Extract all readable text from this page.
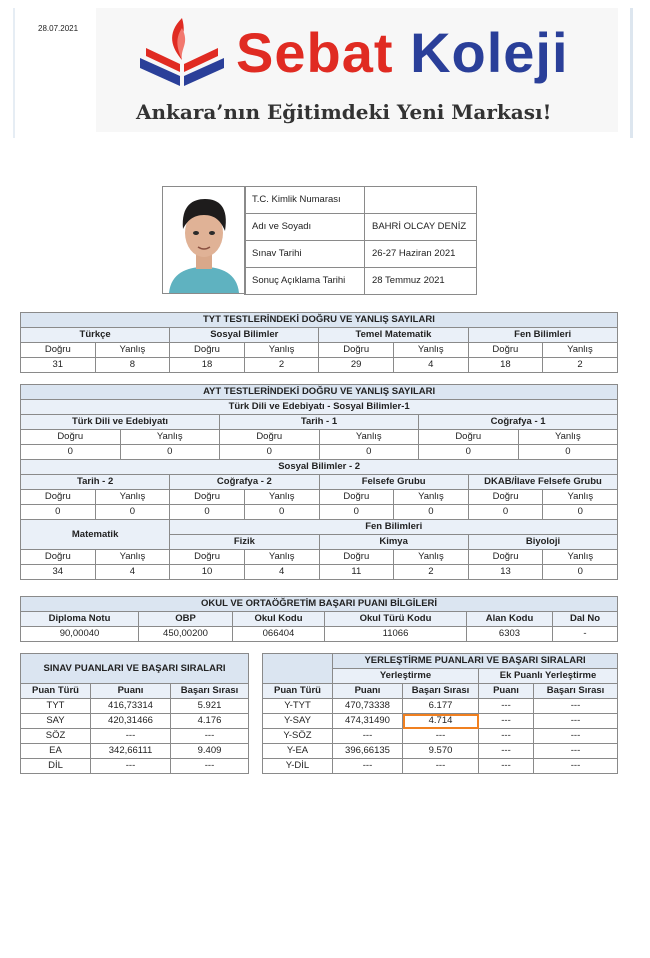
28.07.2021	Sebat Koleji
Ankara’nın Eğitimdeki Yeni Markası!
T.C. Kimlik Numarası	
Adı ve Soyadı	BAHRİ OLCAY DENİZ
Sınav Tarihi	26-27 Haziran 2021
Sonuç Açıklama Tarihi	28 Temmuz 2021
TYT TESTLERİNDEKİ DOĞRU VE YANLIŞ SAYILARI							
Türkçe		Sosyal Bilimler		Temel Matematik		Fen Bilimleri	
Doğru	Yanlış	Doğru	Yanlış	Doğru	Yanlış	Doğru	Yanlış
31	8	18	2	29	4	18	2
AYT TESTLERİNDEKİ DOĞRU VE YANLIŞ SAYILARI											
Türk Dili ve Edebiyatı - Sosyal Bilimler-1											
Türk Dili ve Edebiyatı				Tarih - 1				Coğrafya - 1			
Doğru		Yanlış		Doğru		Yanlış		Doğru		Yanlış	
0		0		0		0		0		0	
Sosyal Bilimler - 2											
Tarih - 2			Coğrafya - 2			Felsefe Grubu			DKAB/İlave Felsefe Grubu		
Doğru	Yanlış		Doğru		Yanlış	Doğru	Yanlış		Doğru		Yanlış
0	0		0		0	0	0		0		0
Matematik			Fen Bilimleri								
			Fizik			Kimya			Biyoloji		
Doğru	Yanlış		Doğru		Yanlış	Doğru	Yanlış		Doğru		Yanlış
34	4		10		4	11	2		13		0
OKUL VE ORTAÖĞRETİM BAŞARI PUANI BİLGİLERİ					
Diploma Notu	OBP	Okul Kodu	Okul Türü Kodu	Alan Kodu	Dal No
90,00040	450,00200	066404	11066	6303	-
SINAV PUANLARI VE BAŞARI SIRALARI		
Puan Türü	Puanı	Başarı Sırası
TYT	416,73314	5.921
SAY	420,31466	4.176
SÖZ	---	---
EA	342,66111	9.409
DİL	---	---
	YERLEŞTİRME PUANLARI VE BAŞARI SIRALARI			
	Yerleştirme		Ek Puanlı Yerleştirme	
Puan Türü	Puanı	Başarı Sırası	Puanı	Başarı Sırası
Y-TYT	470,73338	6.177	---	---
Y-SAY	474,31490	4.714	---	---
Y-SÖZ	---	---	---	---
Y-EA	396,66135	9.570	---	---
Y-DİL	---	---	---	---
